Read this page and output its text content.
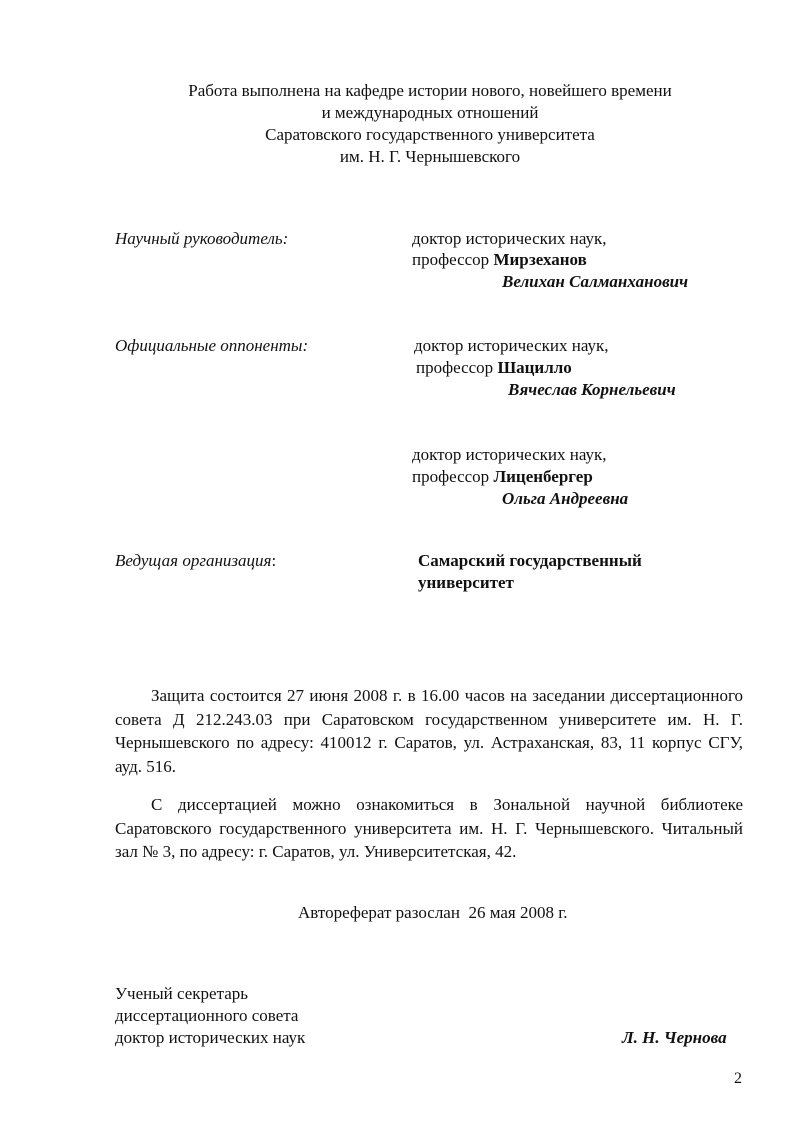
Работа выполнена на кафедре истории нового, новейшего времени
и международных отношений
Саратовского государственного университета
им. Н. Г. Чернышевского
Научный руководитель:	доктор исторических наук,
профессор Мирзеханов
Велихан Салманханович
Официальные оппоненты:	доктор исторических наук,
профессор Шацилло
Вячеслав Корнельевич
доктор исторических наук,
профессор Лиценбергер
Ольга Андреевна
Ведущая организация:	Самарский государственный
университет
Защита состоится 27 июня 2008 г. в 16.00 часов на заседании диссертационного совета Д 212.243.03 при Саратовском государственном университете им. Н. Г. Чернышевского по адресу: 410012 г. Саратов, ул. Астраханская, 83, 11 корпус СГУ, ауд. 516.
С диссертацией можно ознакомиться в Зональной научной библиотеке Саратовского государственного университета им. Н. Г. Чернышевского. Читальный зал № 3, по адресу: г. Саратов, ул. Университетская, 42.
Автореферат разослан  26 мая 2008 г.
Ученый секретарь
диссертационного совета
доктор исторических наук	Л. Н. Чернова
2
